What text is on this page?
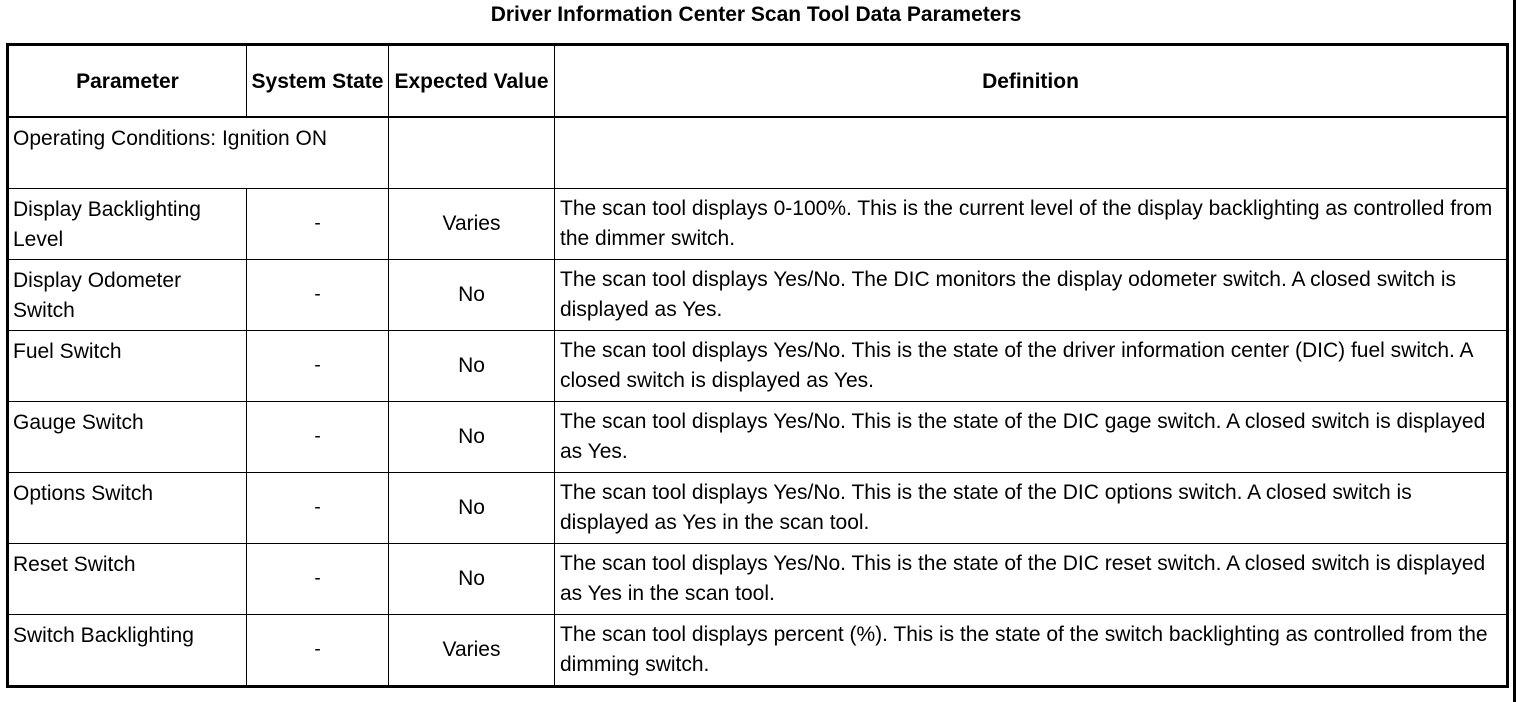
Driver Information Center Scan Tool Data Parameters
Parameter	System State	Expected Value	Definition
Operating Conditions: Ignition ON			
Display Backlighting Level	-	Varies	The scan tool displays 0-100%. This is the current level of the display backlighting as controlled from the dimmer switch.
Display Odometer Switch	-	No	The scan tool displays Yes/No. The DIC monitors the display odometer switch. A closed switch is displayed as Yes.
Fuel Switch	-	No	The scan tool displays Yes/No. This is the state of the driver information center (DIC) fuel switch. A closed switch is displayed as Yes.
Gauge Switch	-	No	The scan tool displays Yes/No. This is the state of the DIC gage switch. A closed switch is displayed as Yes.
Options Switch	-	No	The scan tool displays Yes/No. This is the state of the DIC options switch. A closed switch is displayed as Yes in the scan tool.
Reset Switch	-	No	The scan tool displays Yes/No. This is the state of the DIC reset switch. A closed switch is displayed as Yes in the scan tool.
Switch Backlighting	-	Varies	The scan tool displays percent (%). This is the state of the switch backlighting as controlled from the dimming switch.
